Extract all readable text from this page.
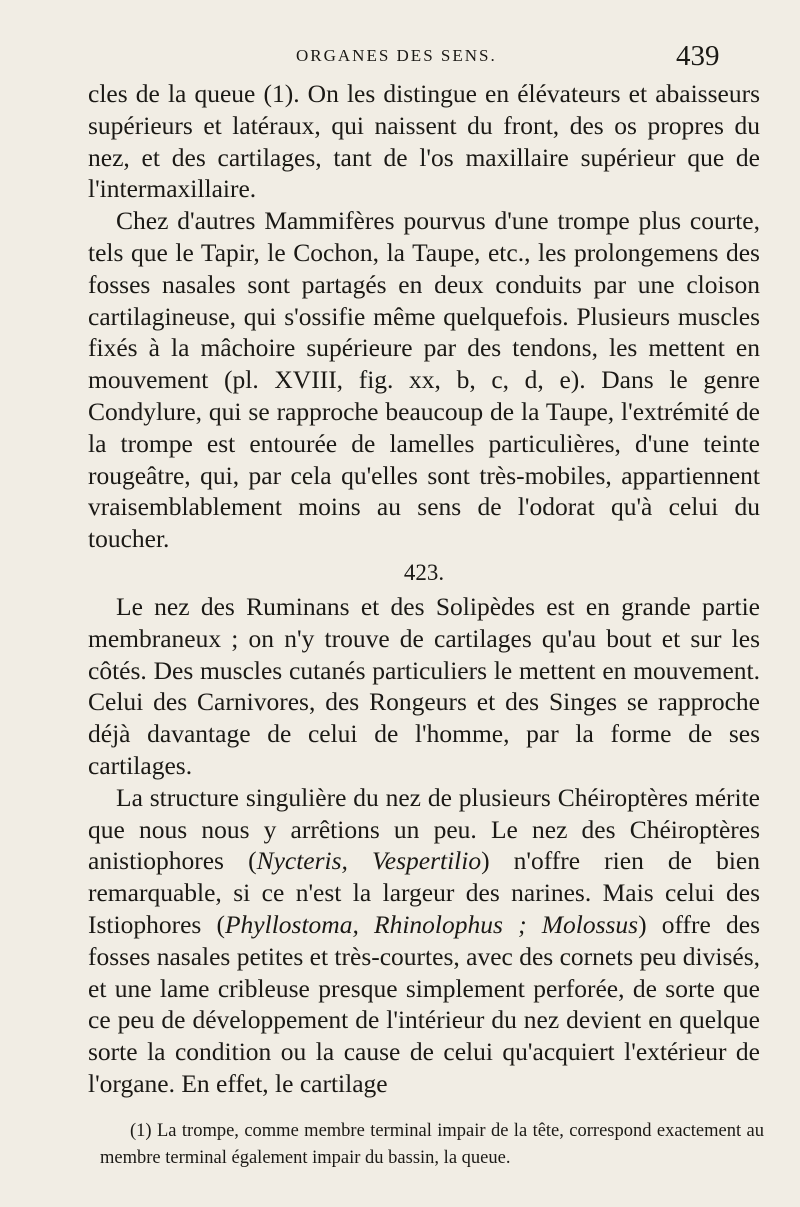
ORGANES DES SENS.	439

cles de la queue (1). On les distingue en élévateurs et abaisseurs supérieurs et latéraux, qui naissent du front, des os propres du nez, et des cartilages, tant de l'os maxillaire supérieur que de l'intermaxillaire.

Chez d'autres Mammifères pourvus d'une trompe plus courte, tels que le Tapir, le Cochon, la Taupe, etc., les prolongemens des fosses nasales sont partagés en deux conduits par une cloison cartilagineuse, qui s'ossifie même quelquefois. Plusieurs muscles fixés à la mâchoire supérieure par des tendons, les mettent en mouvement (pl. XVIII, fig. xx, b, c, d, e). Dans le genre Condylure, qui se rapproche beaucoup de la Taupe, l'extrémité de la trompe est entourée de lamelles particulières, d'une teinte rougeâtre, qui, par cela qu'elles sont très-mobiles, appartiennent vraisemblablement moins au sens de l'odorat qu'à celui du toucher.

423.

Le nez des Ruminans et des Solipèdes est en grande partie membraneux ; on n'y trouve de cartilages qu'au bout et sur les côtés. Des muscles cutanés particuliers le mettent en mouvement. Celui des Carnivores, des Rongeurs et des Singes se rapproche déjà davantage de celui de l'homme, par la forme de ses cartilages.

La structure singulière du nez de plusieurs Chéiroptères mérite que nous nous y arrêtions un peu. Le nez des Chéiroptères anistiophores (Nycteris, Vespertilio) n'offre rien de bien remarquable, si ce n'est la largeur des narines. Mais celui des Istiophores (Phyllostoma, Rhinolophus ; Molossus) offre des fosses nasales petites et très-courtes, avec des cornets peu divisés, et une lame cribleuse presque simplement perforée, de sorte que ce peu de développement de l'intérieur du nez devient en quelque sorte la condition ou la cause de celui qu'acquiert l'extérieur de l'organe. En effet, le cartilage

(1) La trompe, comme membre terminal impair de la tête, correspond exactement au membre terminal également impair du bassin, la queue.
